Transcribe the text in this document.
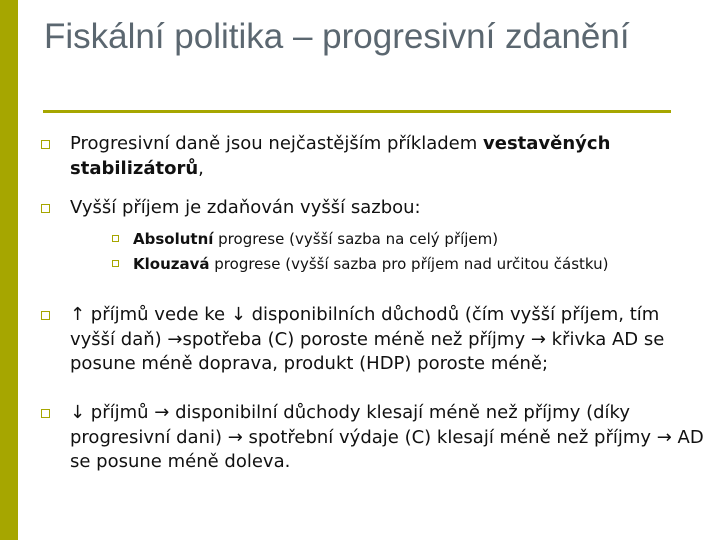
Fiskální politika – progresivní zdanění
Progresivní daně jsou nejčastějším příkladem vestavěných stabilizátorů,
Vyšší příjem je zdaňován vyšší sazbou:
Absolutní progrese (vyšší sazba na celý příjem)
Klouzavá progrese (vyšší sazba pro příjem nad určitou částku)
↑ příjmů vede ke ↓ disponibilních důchodů (čím vyšší příjem, tím vyšší daň) →spotřeba (C) poroste méně než příjmy → křivka AD se posune méně doprava, produkt (HDP) poroste méně;
↓ příjmů → disponibilní důchody klesají méně než příjmy (díky progresivní dani) → spotřební výdaje (C) klesají méně než příjmy → AD se posune méně doleva.
